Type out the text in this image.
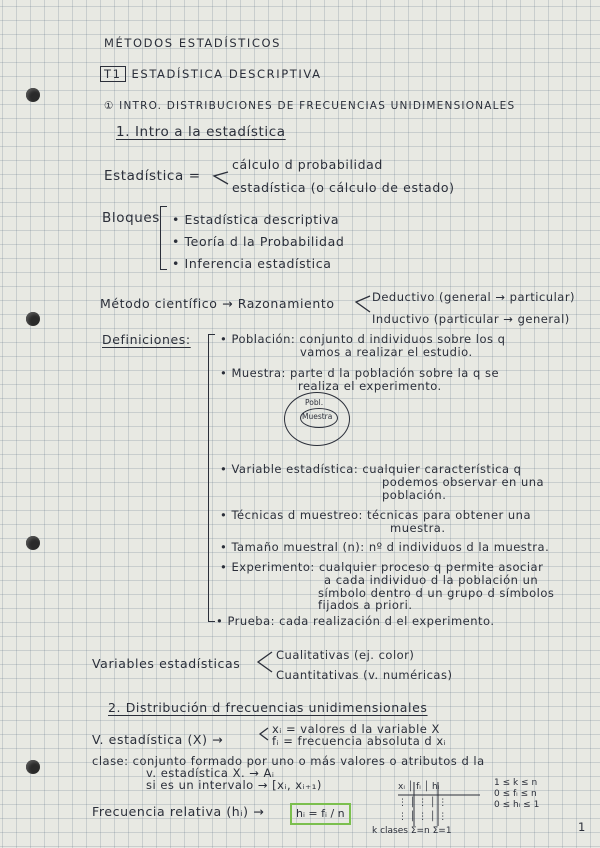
MÉTODOS ESTADÍSTICOS
T1 ESTADÍSTICA DESCRIPTIVA
① INTRO. DISTRIBUCIONES DE FRECUENCIAS UNIDIMENSIONALES
1. Intro a la estadística
Estadística =
cálculo d probabilidad
estadística (o cálculo de estado)
Bloques • Estadística descriptiva
• Teoría d la Probabilidad
• Inferencia estadística
Método científico → Razonamiento	Deductivo (general → particular)
Inductivo (particular → general)
Definiciones:	• Población: conjunto d individuos sobre los q
vamos a realizar el estudio.
• Muestra: parte d la población sobre la q se
realiza el experimento.
Pobl.
Muestra
• Variable estadística: cualquier característica q
podemos observar en una
población.
• Técnicas d muestreo: técnicas para obtener una
muestra.
• Tamaño muestral (n): nº d individuos d la muestra.
• Experimento: cualquier proceso q permite asociar
a cada individuo d la población un
símbolo dentro d un grupo d símbolos
fijados a priori.
• Prueba: cada realización d el experimento.
Variables estadísticas
Cualitativas (ej. color)
Cuantitativas (v. numéricas)
2. Distribución d frecuencias unidimensionales
V. estadística (X) →
xᵢ = valores d la variable X
fᵢ = frecuencia absoluta d xᵢ
clase: conjunto formado por uno o más valores o atributos d la
v. estadística X. → Aᵢ
si es un intervalo → [xᵢ, xᵢ₊₁)
Frecuencia relativa (hᵢ) →	hᵢ = fᵢ / n
xᵢ │ fᵢ │ hᵢ
⋮ │ ⋮ │ ⋮
⋮ │ ⋮ │ ⋮
k clases Σ=n Σ=1
1 ≤ k ≤ n
0 ≤ fᵢ ≤ n
0 ≤ hᵢ ≤ 1
1
